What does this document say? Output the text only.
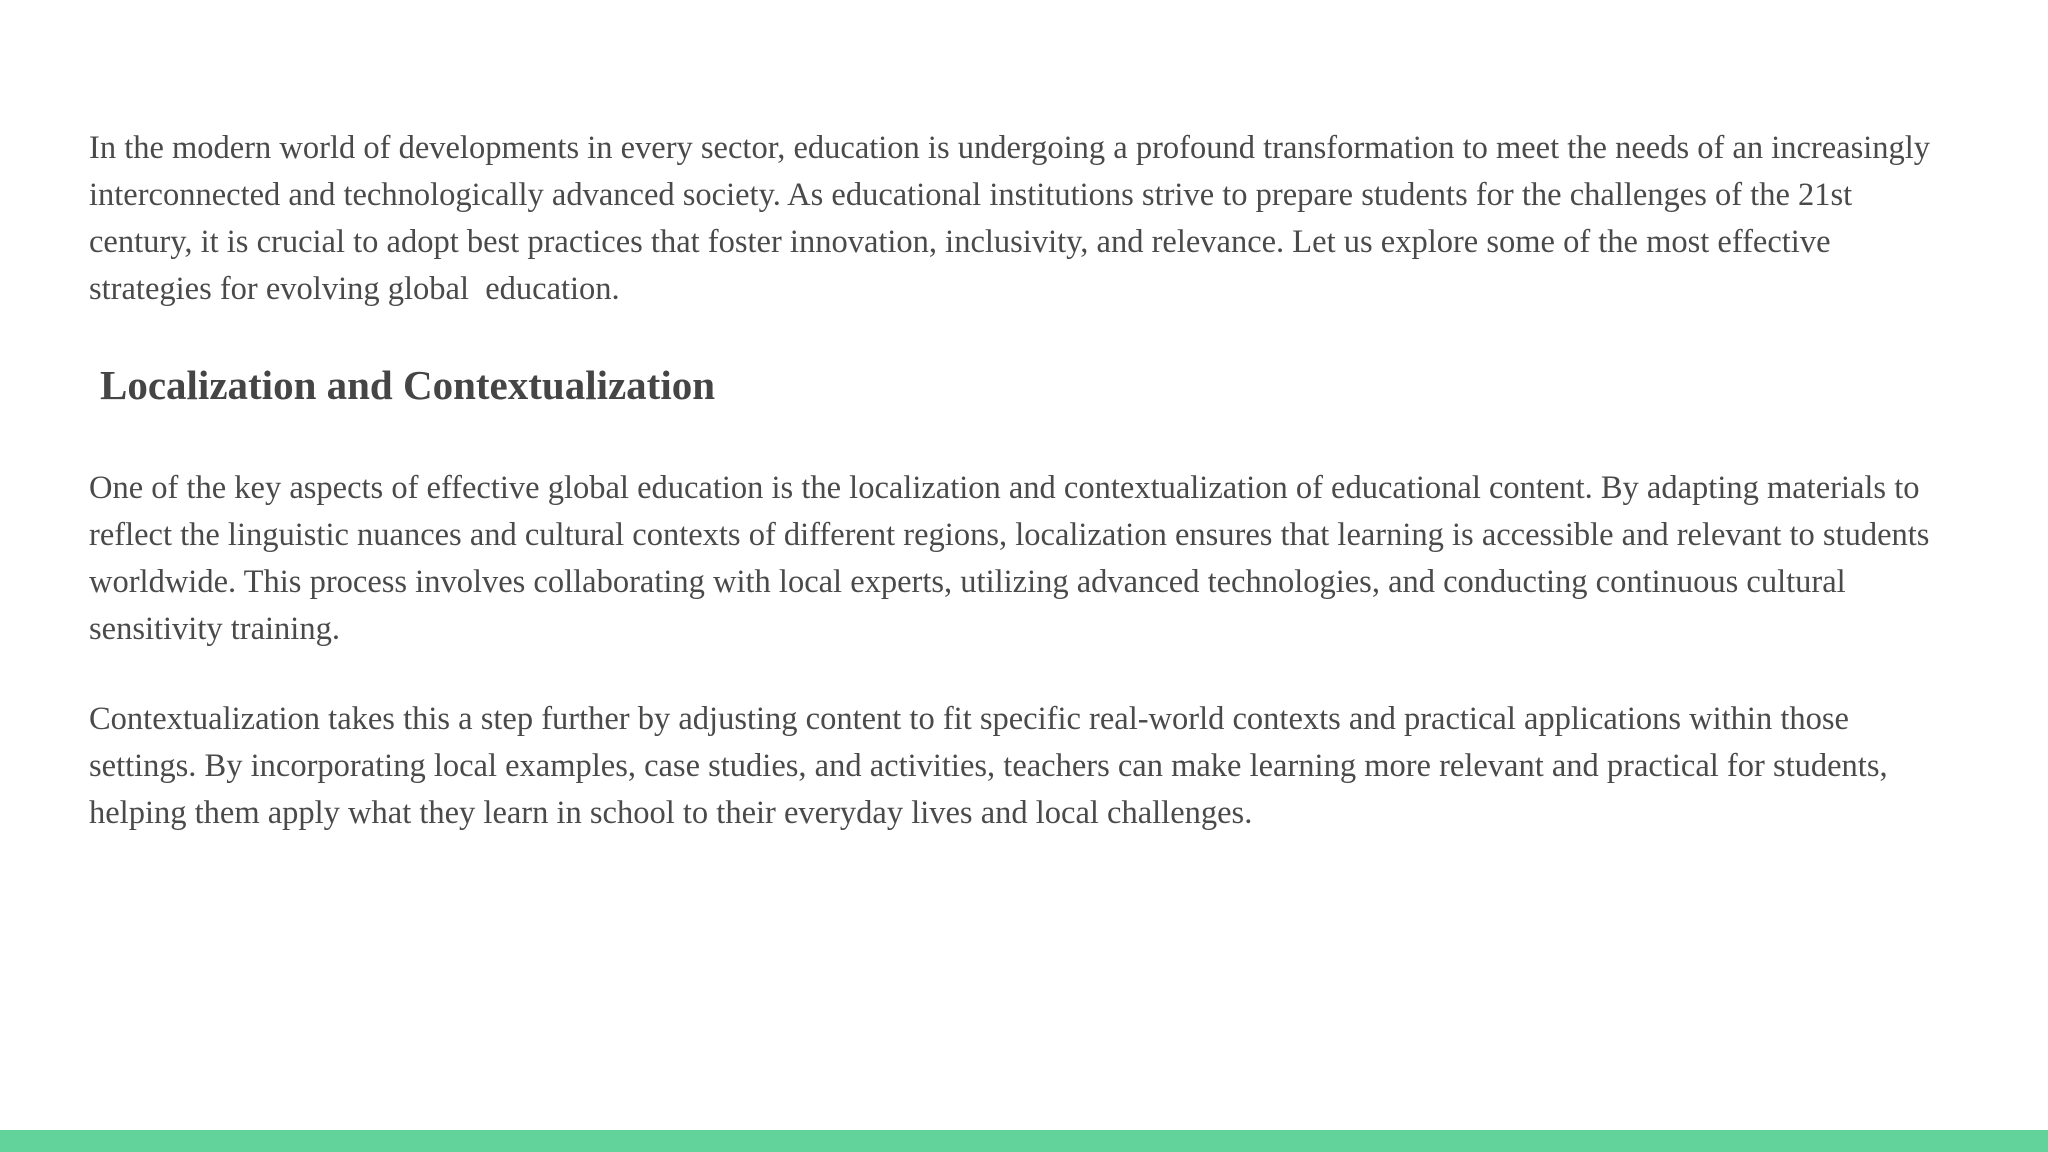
In the modern world of developments in every sector, education is undergoing a profound transformation to meet the needs of an increasingly interconnected and technologically advanced society. As educational institutions strive to prepare students for the challenges of the 21st century, it is crucial to adopt best practices that foster innovation, inclusivity, and relevance. Let us explore some of the most effective strategies for evolving global  education.

Localization and Contextualization

One of the key aspects of effective global education is the localization and contextualization of educational content. By adapting materials to reflect the linguistic nuances and cultural contexts of different regions, localization ensures that learning is accessible and relevant to students worldwide. This process involves collaborating with local experts, utilizing advanced technologies, and conducting continuous cultural sensitivity training.

Contextualization takes this a step further by adjusting content to fit specific real-world contexts and practical applications within those settings. By incorporating local examples, case studies, and activities, teachers can make learning more relevant and practical for students, helping them apply what they learn in school to their everyday lives and local challenges.
